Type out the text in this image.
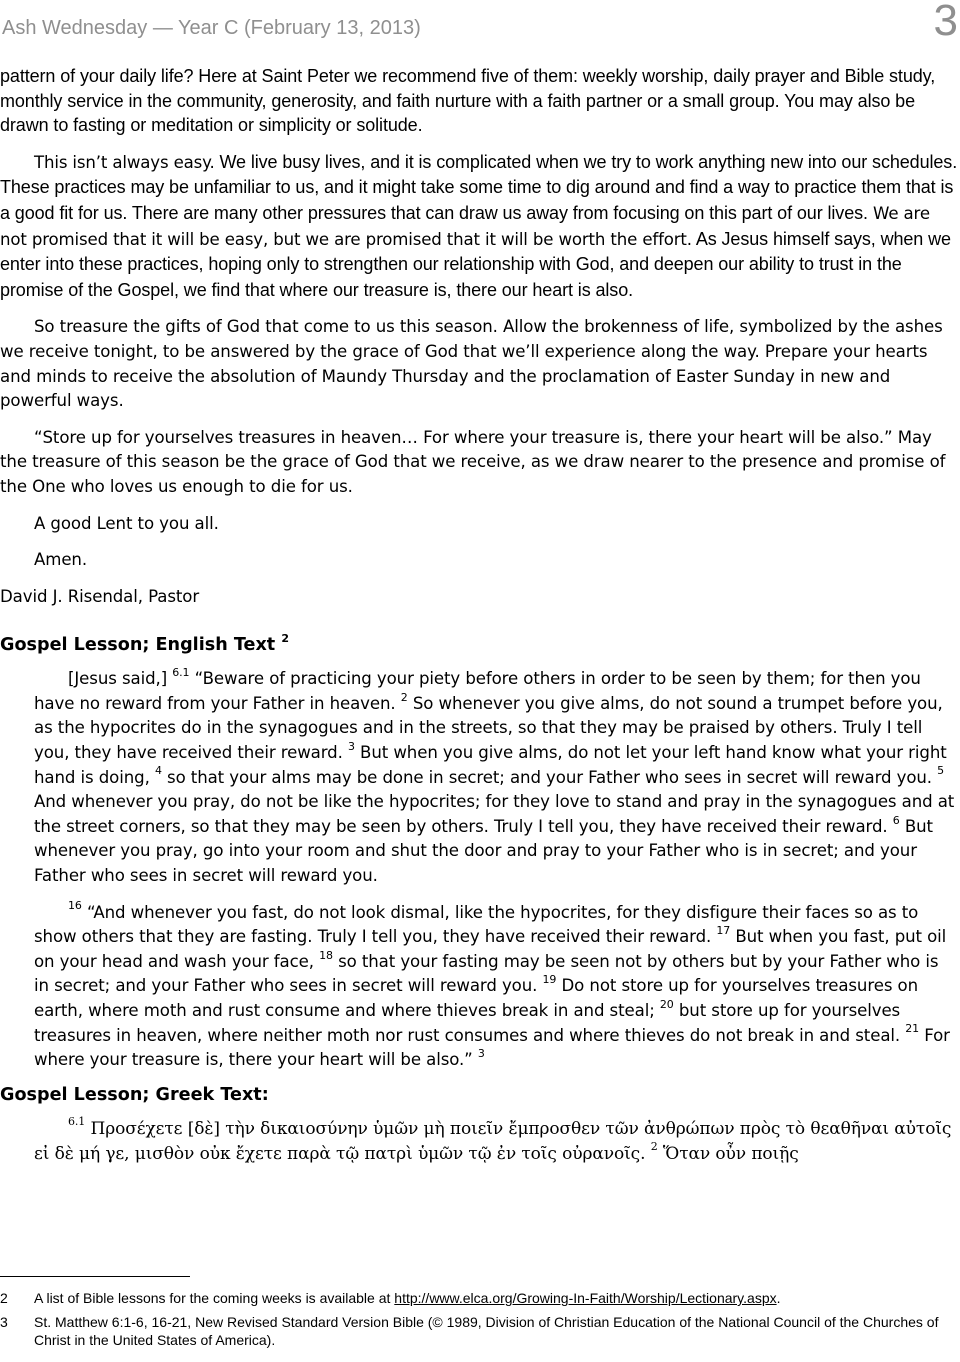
Ash Wednesday — Year C (February 13, 2013)	3

pattern of your daily life? Here at Saint Peter we recommend five of them: weekly worship, daily prayer and Bible study, monthly service in the community, generosity, and faith nurture with a faith partner or a small group. You may also be drawn to fasting or meditation or simplicity or solitude.

This isn’t always easy. We live busy lives, and it is complicated when we try to work anything new into our schedules. These practices may be unfamiliar to us, and it might take some time to dig around and find a way to practice them that is a good fit for us. There are many other pressures that can draw us away from focusing on this part of our lives. We are not promised that it will be easy, but we are promised that it will be worth the effort. As Jesus himself says, when we enter into these practices, hoping only to strengthen our relationship with God, and deepen our ability to trust in the promise of the Gospel, we find that where our treasure is, there our heart is also.

So treasure the gifts of God that come to us this season. Allow the brokenness of life, symbolized by the ashes we receive tonight, to be answered by the grace of God that we’ll experience along the way. Prepare your hearts and minds to receive the absolution of Maundy Thursday and the proclamation of Easter Sunday in new and powerful ways.

“Store up for yourselves treasures in heaven… For where your treasure is, there your heart will be also.” May the treasure of this season be the grace of God that we receive, as we draw nearer to the presence and promise of the One who loves us enough to die for us.

A good Lent to you all.

Amen.

David J. Risendal, Pastor

Gospel Lesson; English Text $^2$

[Jesus said,] $^{6.1}$ “Beware of practicing your piety before others in order to be seen by them; for then you have no reward from your Father in heaven. $^2$ So whenever you give alms, do not sound a trumpet before you, as the hypocrites do in the synagogues and in the streets, so that they may be praised by others. Truly I tell you, they have received their reward. $^3$ But when you give alms, do not let your left hand know what your right hand is doing, $^4$ so that your alms may be done in secret; and your Father who sees in secret will reward you. $^5$ And whenever you pray, do not be like the hypocrites; for they love to stand and pray in the synagogues and at the street corners, so that they may be seen by others. Truly I tell you, they have received their reward. $^6$ But whenever you pray, go into your room and shut the door and pray to your Father who is in secret; and your Father who sees in secret will reward you.

$^{16}$ “And whenever you fast, do not look dismal, like the hypocrites, for they disfigure their faces so as to show others that they are fasting. Truly I tell you, they have received their reward. $^{17}$ But when you fast, put oil on your head and wash your face, $^{18}$ so that your fasting may be seen not by others but by your Father who is in secret; and your Father who sees in secret will reward you. $^{19}$ Do not store up for yourselves treasures on earth, where moth and rust consume and where thieves break in and steal; $^{20}$ but store up for yourselves treasures in heaven, where neither moth nor rust consumes and where thieves do not break in and steal. $^{21}$ For where your treasure is, there your heart will be also.” $^3$

Gospel Lesson; Greek Text:

$^{6.1}$ Προσέχετε [δὲ] τὴν δικαιοσύνην ὑμῶν μὴ ποιεῖν ἔμπροσθεν τῶν ἀνθρώπων πρὸς τὸ θεαθῆναι αὐτοῖς εἰ δὲ μή γε, μισθὸν οὐκ ἔχετε παρὰ τῷ πατρὶ ὑμῶν τῷ ἐν τοῖς οὐρανοῖς. $^2$ Ὅταν οὖν ποιῇς

2 A list of Bible lessons for the coming weeks is available at http://www.elca.org/Growing-In-Faith/Worship/Lectionary.aspx.
3 St. Matthew 6:1-6, 16-21, New Revised Standard Version Bible (© 1989, Division of Christian Education of the National Council of the Churches of Christ in the United States of America).
